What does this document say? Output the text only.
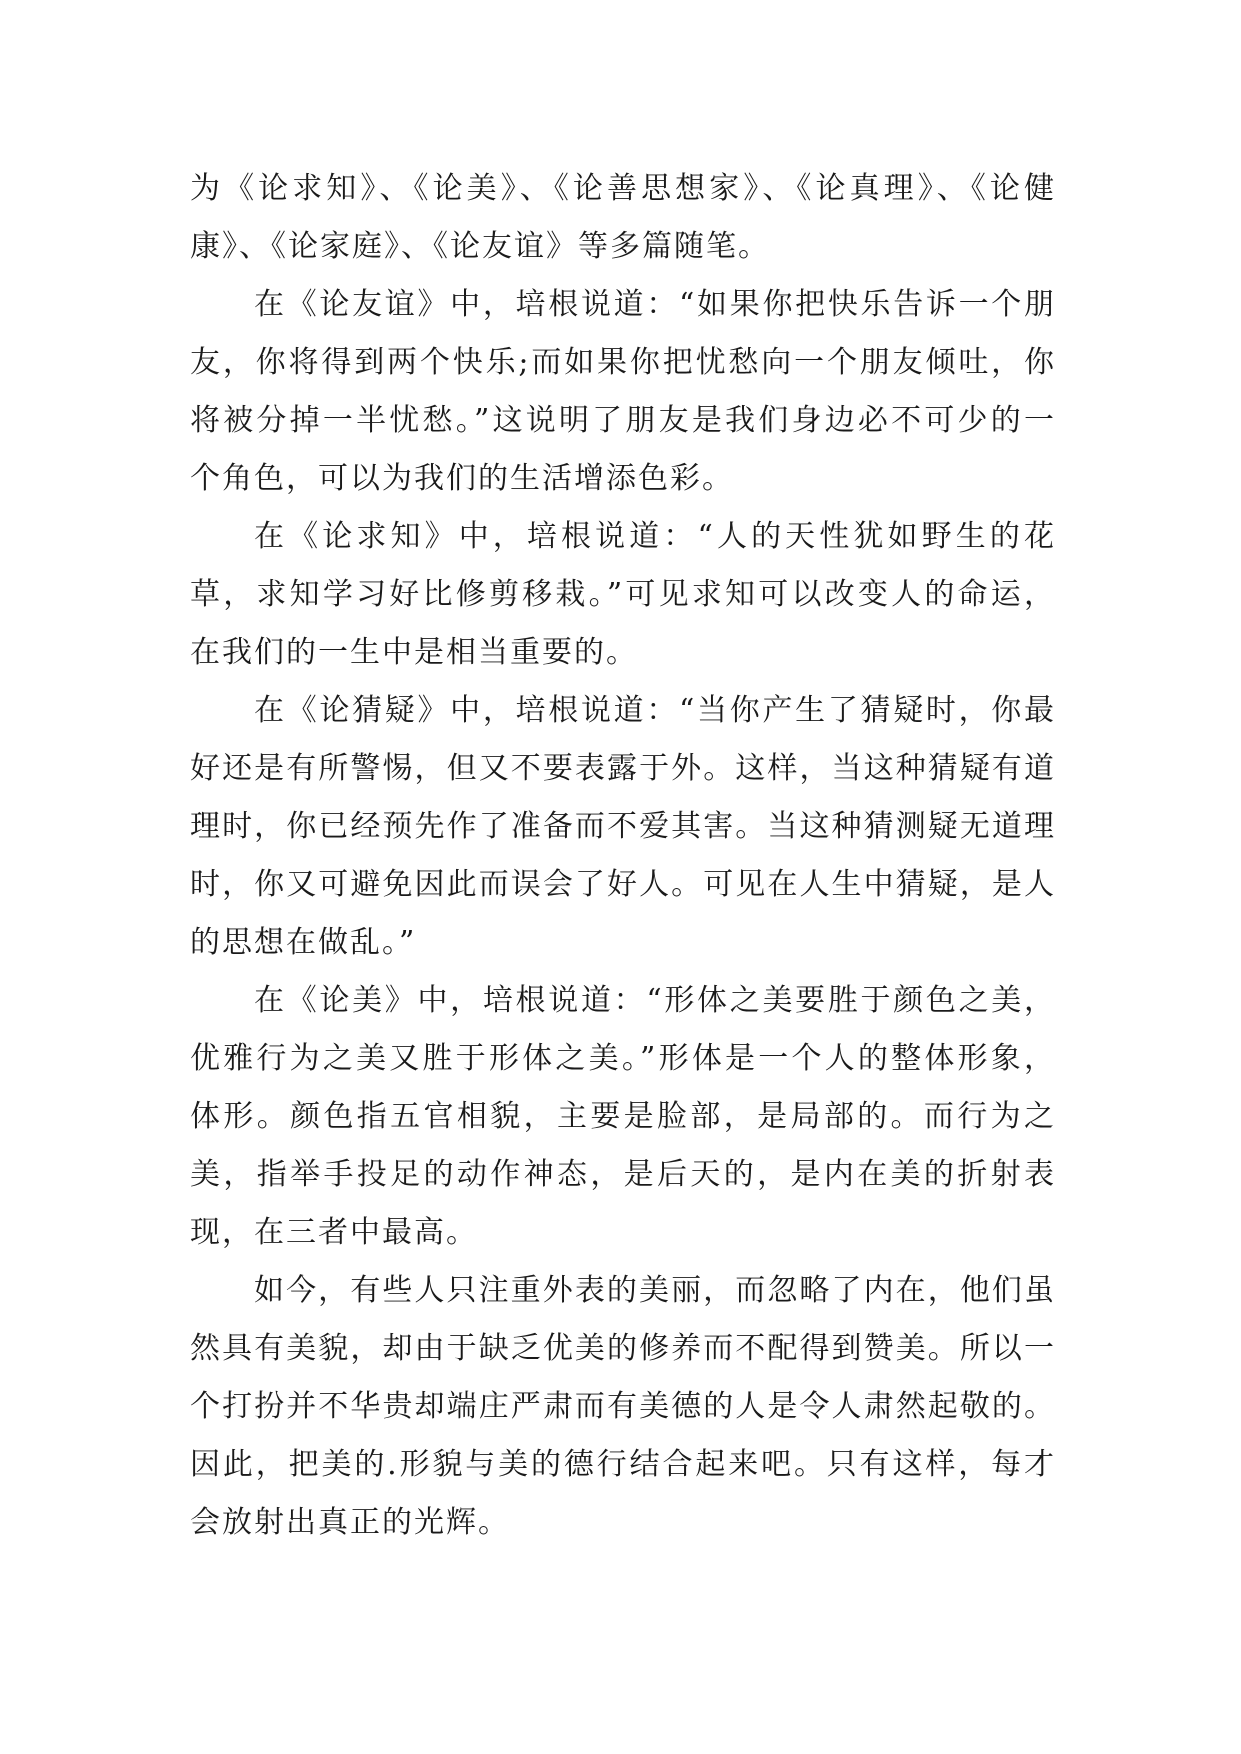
为《论求知》、《论美》、《论善思想家》、《论真理》、《论健康》、《论家庭》、《论友谊》等多篇随笔。

在《论友谊》中，培根说道：“如果你把快乐告诉一个朋友，你将得到两个快乐;而如果你把忧愁向一个朋友倾吐，你将被分掉一半忧愁。”这说明了朋友是我们身边必不可少的一个角色，可以为我们的生活增添色彩。

在《论求知》中，培根说道：“人的天性犹如野生的花草，求知学习好比修剪移栽。”可见求知可以改变人的命运，在我们的一生中是相当重要的。

在《论猜疑》中，培根说道：“当你产生了猜疑时，你最好还是有所警惕，但又不要表露于外。这样，当这种猜疑有道理时，你已经预先作了准备而不爱其害。当这种猜测疑无道理时，你又可避免因此而误会了好人。可见在人生中猜疑，是人的思想在做乱。”

在《论美》中，培根说道：“形体之美要胜于颜色之美，优雅行为之美又胜于形体之美。”形体是一个人的整体形象，体形。颜色指五官相貌，主要是脸部，是局部的。而行为之美，指举手投足的动作神态，是后天的，是内在美的折射表现，在三者中最高。

如今，有些人只注重外表的美丽，而忽略了内在，他们虽然具有美貌，却由于缺乏优美的修养而不配得到赞美。所以一个打扮并不华贵却端庄严肃而有美德的人是令人肃然起敬的。因此，把美的.形貌与美的德行结合起来吧。只有这样，每才会放射出真正的光辉。
